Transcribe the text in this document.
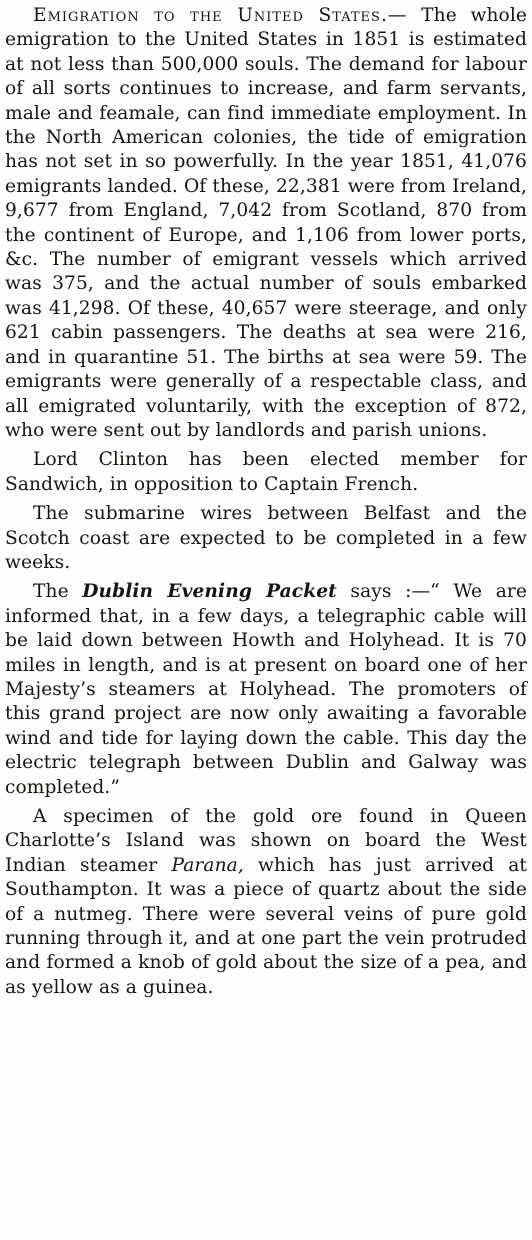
Emigration to the United States.— The whole emigration to the United States in 1851 is estimated at not less than 500,000 souls. The demand for labour of all sorts continues to increase, and farm servants, male and feamale, can find immediate employment. In the North American colonies, the tide of emigration has not set in so powerfully. In the year 1851, 41,076 emigrants landed. Of these, 22,381 were from Ireland, 9,677 from England, 7,042 from Scotland, 870 from the continent of Europe, and 1,106 from lower ports, &c. The number of emigrant vessels which arrived was 375, and the actual number of souls embarked was 41,298. Of these, 40,657 were steerage, and only 621 cabin passengers. The deaths at sea were 216, and in quarantine 51. The births at sea were 59. The emigrants were generally of a respectable class, and all emigrated voluntarily, with the exception of 872, who were sent out by landlords and parish unions.

Lord Clinton has been elected member for Sandwich, in opposition to Captain French.

The submarine wires between Belfast and the Scotch coast are expected to be completed in a few weeks.

The Dublin Evening Packet says :—“ We are informed that, in a few days, a telegraphic cable will be laid down between Howth and Holyhead. It is 70 miles in length, and is at present on board one of her Majesty’s steamers at Holyhead. The promoters of this grand project are now only awaiting a favorable wind and tide for laying down the cable. This day the electric telegraph between Dublin and Galway was completed.”

A specimen of the gold ore found in Queen Charlotte’s Island was shown on board the West Indian steamer Parana, which has just arrived at Southampton. It was a piece of quartz about the side of a nutmeg. There were several veins of pure gold running through it, and at one part the vein protruded and formed a knob of gold about the size of a pea, and as yellow as a guinea.
